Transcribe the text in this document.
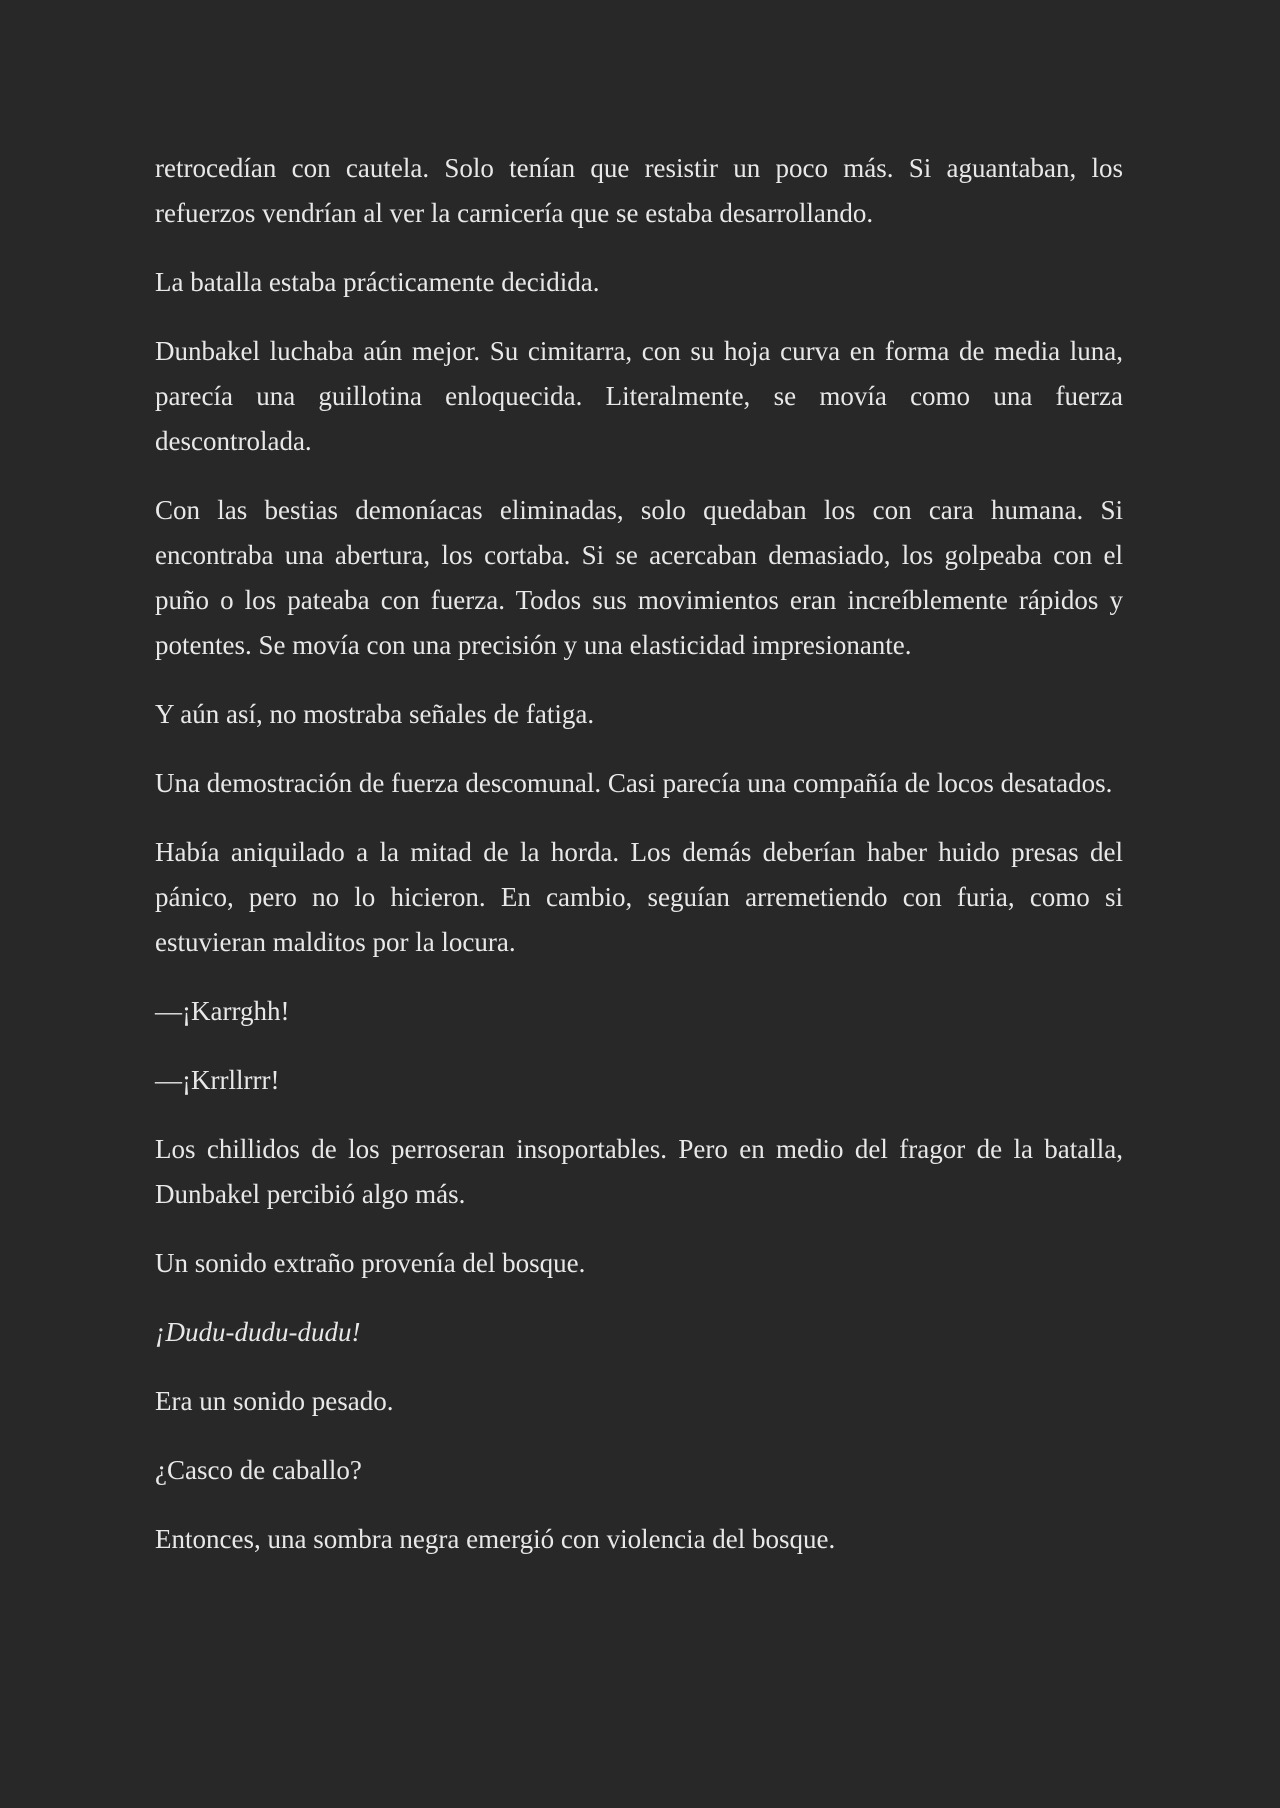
retrocedían con cautela. Solo tenían que resistir un poco más. Si aguantaban, los refuerzos vendrían al ver la carnicería que se estaba desarrollando.

La batalla estaba prácticamente decidida.

Dunbakel luchaba aún mejor. Su cimitarra, con su hoja curva en forma de media luna, parecía una guillotina enloquecida. Literalmente, se movía como una fuerza descontrolada.

Con las bestias demoníacas eliminadas, solo quedaban los con cara humana. Si encontraba una abertura, los cortaba. Si se acercaban demasiado, los golpeaba con el puño o los pateaba con fuerza. Todos sus movimientos eran increíblemente rápidos y potentes. Se movía con una precisión y una elasticidad impresionante.

Y aún así, no mostraba señales de fatiga.

Una demostración de fuerza descomunal. Casi parecía una compañía de locos desatados.

Había aniquilado a la mitad de la horda. Los demás deberían haber huido presas del pánico, pero no lo hicieron. En cambio, seguían arremetiendo con furia, como si estuvieran malditos por la locura.

—¡Karrghh!

—¡Krrllrrr!

Los chillidos de los perroseran insoportables. Pero en medio del fragor de la batalla, Dunbakel percibió algo más.

Un sonido extraño provenía del bosque.

¡Dudu-dudu-dudu!

Era un sonido pesado.

¿Casco de caballo?

Entonces, una sombra negra emergió con violencia del bosque.
